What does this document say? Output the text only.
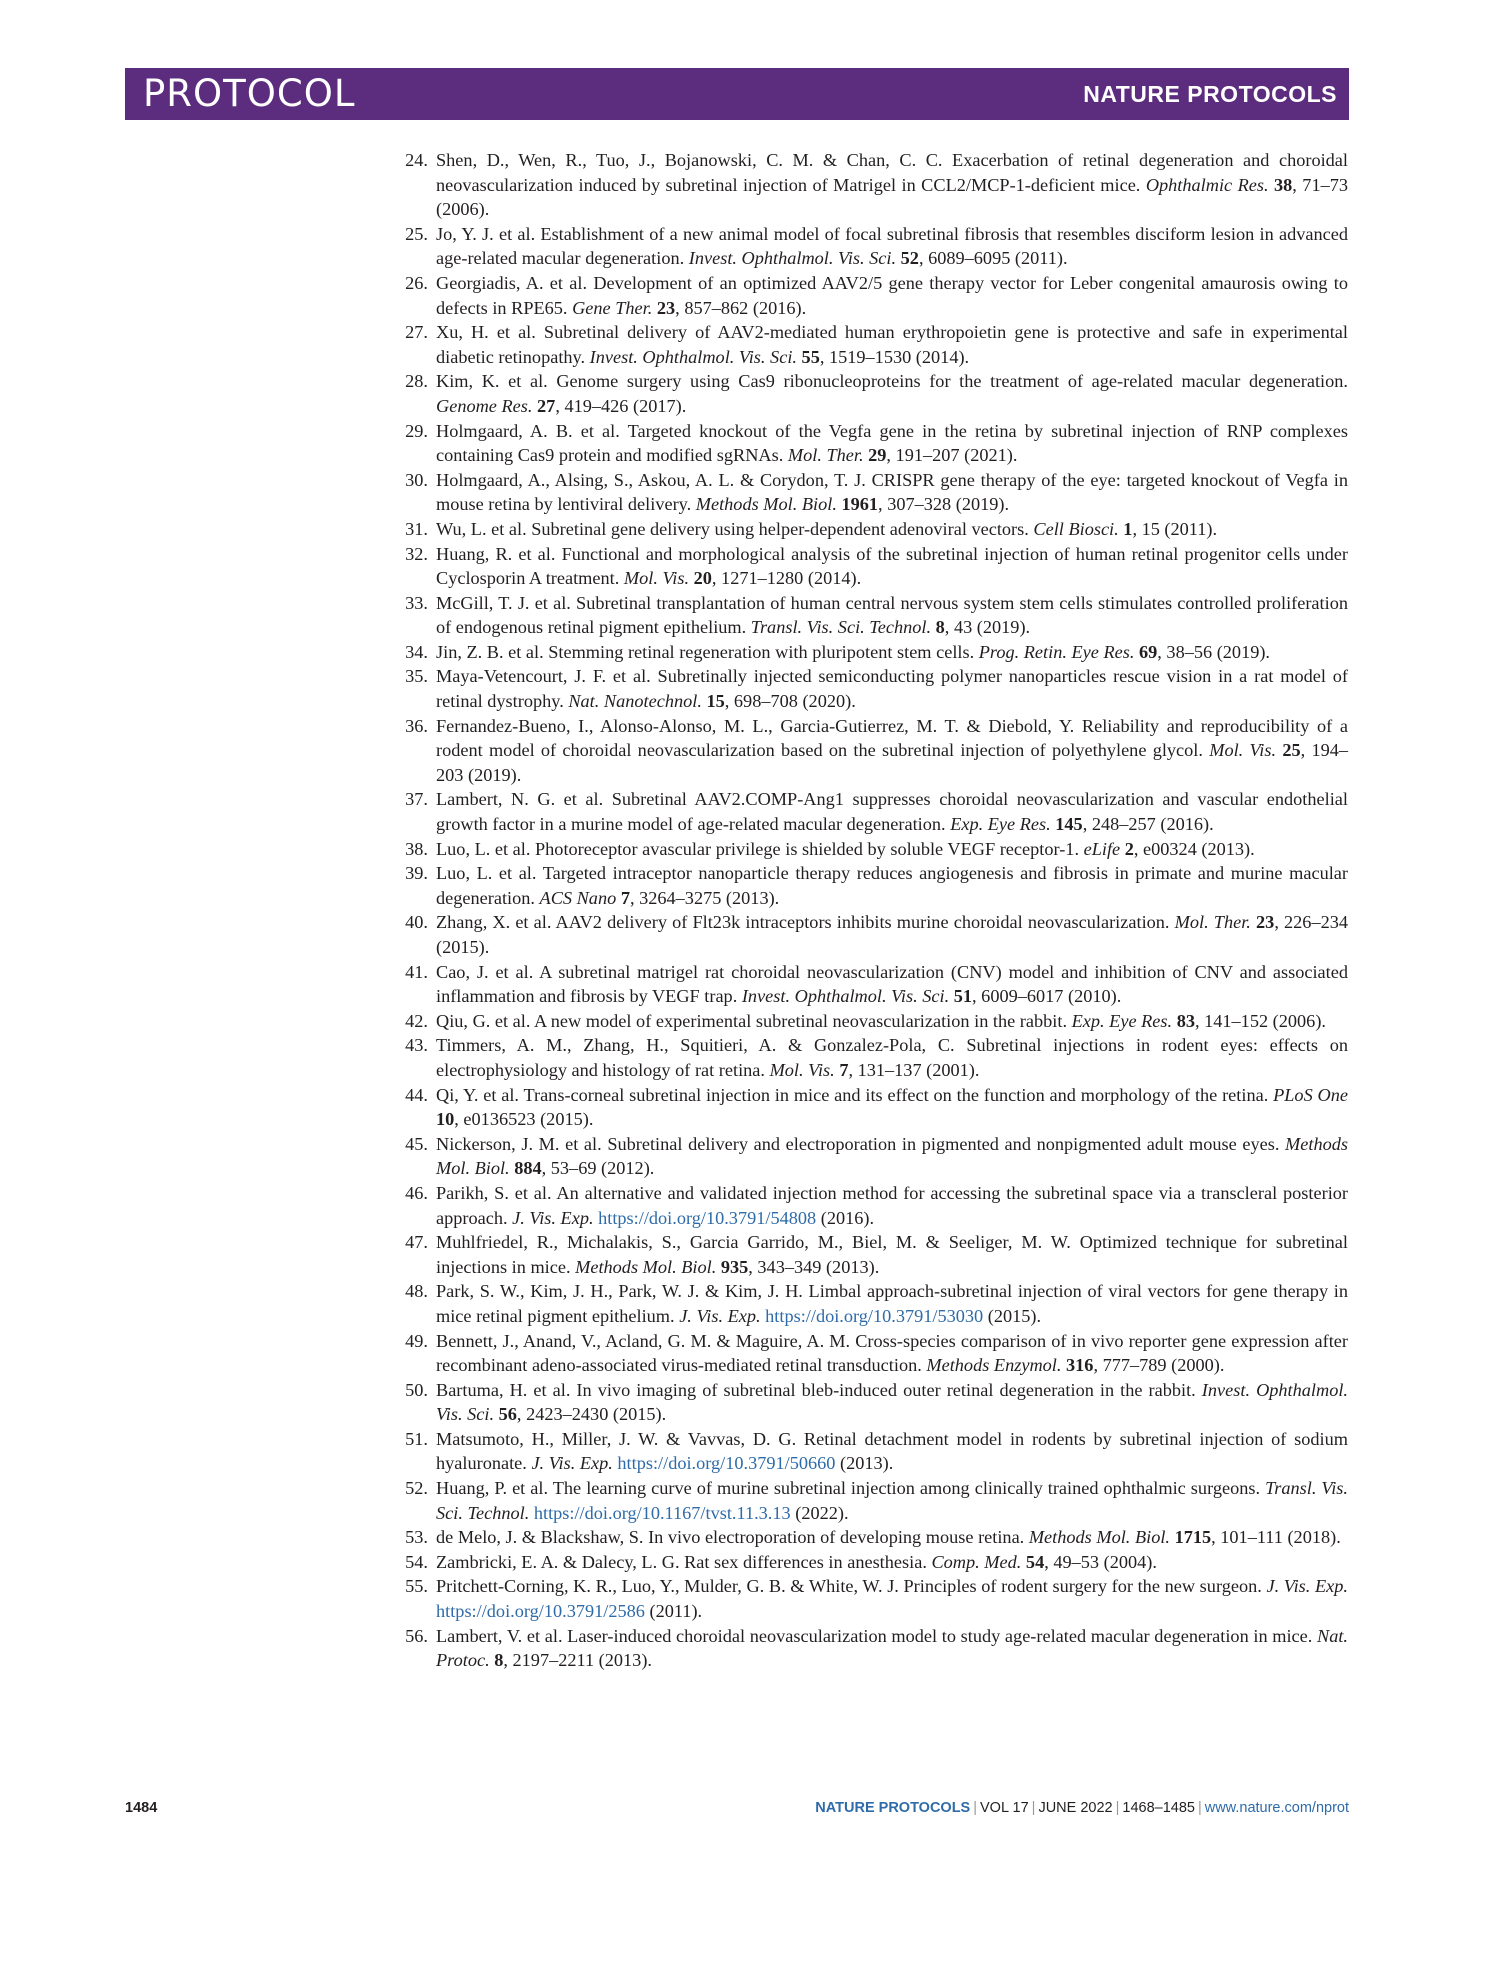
PROTOCOL	NATURE PROTOCOLS
24. Shen, D., Wen, R., Tuo, J., Bojanowski, C. M. & Chan, C. C. Exacerbation of retinal degeneration and choroidal neovascularization induced by subretinal injection of Matrigel in CCL2/MCP-1-deficient mice. Ophthalmic Res. 38, 71–73 (2006).
25. Jo, Y. J. et al. Establishment of a new animal model of focal subretinal fibrosis that resembles disciform lesion in advanced age-related macular degeneration. Invest. Ophthalmol. Vis. Sci. 52, 6089–6095 (2011).
26. Georgiadis, A. et al. Development of an optimized AAV2/5 gene therapy vector for Leber congenital amaurosis owing to defects in RPE65. Gene Ther. 23, 857–862 (2016).
27. Xu, H. et al. Subretinal delivery of AAV2-mediated human erythropoietin gene is protective and safe in experimental diabetic retinopathy. Invest. Ophthalmol. Vis. Sci. 55, 1519–1530 (2014).
28. Kim, K. et al. Genome surgery using Cas9 ribonucleoproteins for the treatment of age-related macular degeneration. Genome Res. 27, 419–426 (2017).
29. Holmgaard, A. B. et al. Targeted knockout of the Vegfa gene in the retina by subretinal injection of RNP complexes containing Cas9 protein and modified sgRNAs. Mol. Ther. 29, 191–207 (2021).
30. Holmgaard, A., Alsing, S., Askou, A. L. & Corydon, T. J. CRISPR gene therapy of the eye: targeted knockout of Vegfa in mouse retina by lentiviral delivery. Methods Mol. Biol. 1961, 307–328 (2019).
31. Wu, L. et al. Subretinal gene delivery using helper-dependent adenoviral vectors. Cell Biosci. 1, 15 (2011).
32. Huang, R. et al. Functional and morphological analysis of the subretinal injection of human retinal progenitor cells under Cyclosporin A treatment. Mol. Vis. 20, 1271–1280 (2014).
33. McGill, T. J. et al. Subretinal transplantation of human central nervous system stem cells stimulates controlled proliferation of endogenous retinal pigment epithelium. Transl. Vis. Sci. Technol. 8, 43 (2019).
34. Jin, Z. B. et al. Stemming retinal regeneration with pluripotent stem cells. Prog. Retin. Eye Res. 69, 38–56 (2019).
35. Maya-Vetencourt, J. F. et al. Subretinally injected semiconducting polymer nanoparticles rescue vision in a rat model of retinal dystrophy. Nat. Nanotechnol. 15, 698–708 (2020).
36. Fernandez-Bueno, I., Alonso-Alonso, M. L., Garcia-Gutierrez, M. T. & Diebold, Y. Reliability and reproducibility of a rodent model of choroidal neovascularization based on the subretinal injection of polyethylene glycol. Mol. Vis. 25, 194–203 (2019).
37. Lambert, N. G. et al. Subretinal AAV2.COMP-Ang1 suppresses choroidal neovascularization and vascular endothelial growth factor in a murine model of age-related macular degeneration. Exp. Eye Res. 145, 248–257 (2016).
38. Luo, L. et al. Photoreceptor avascular privilege is shielded by soluble VEGF receptor-1. eLife 2, e00324 (2013).
39. Luo, L. et al. Targeted intraceptor nanoparticle therapy reduces angiogenesis and fibrosis in primate and murine macular degeneration. ACS Nano 7, 3264–3275 (2013).
40. Zhang, X. et al. AAV2 delivery of Flt23k intraceptors inhibits murine choroidal neovascularization. Mol. Ther. 23, 226–234 (2015).
41. Cao, J. et al. A subretinal matrigel rat choroidal neovascularization (CNV) model and inhibition of CNV and associated inflammation and fibrosis by VEGF trap. Invest. Ophthalmol. Vis. Sci. 51, 6009–6017 (2010).
42. Qiu, G. et al. A new model of experimental subretinal neovascularization in the rabbit. Exp. Eye Res. 83, 141–152 (2006).
43. Timmers, A. M., Zhang, H., Squitieri, A. & Gonzalez-Pola, C. Subretinal injections in rodent eyes: effects on electrophysiology and histology of rat retina. Mol. Vis. 7, 131–137 (2001).
44. Qi, Y. et al. Trans-corneal subretinal injection in mice and its effect on the function and morphology of the retina. PLoS One 10, e0136523 (2015).
45. Nickerson, J. M. et al. Subretinal delivery and electroporation in pigmented and nonpigmented adult mouse eyes. Methods Mol. Biol. 884, 53–69 (2012).
46. Parikh, S. et al. An alternative and validated injection method for accessing the subretinal space via a transcleral posterior approach. J. Vis. Exp. https://doi.org/10.3791/54808 (2016).
47. Muhlfriedel, R., Michalakis, S., Garcia Garrido, M., Biel, M. & Seeliger, M. W. Optimized technique for subretinal injections in mice. Methods Mol. Biol. 935, 343–349 (2013).
48. Park, S. W., Kim, J. H., Park, W. J. & Kim, J. H. Limbal approach-subretinal injection of viral vectors for gene therapy in mice retinal pigment epithelium. J. Vis. Exp. https://doi.org/10.3791/53030 (2015).
49. Bennett, J., Anand, V., Acland, G. M. & Maguire, A. M. Cross-species comparison of in vivo reporter gene expression after recombinant adeno-associated virus-mediated retinal transduction. Methods Enzymol. 316, 777–789 (2000).
50. Bartuma, H. et al. In vivo imaging of subretinal bleb-induced outer retinal degeneration in the rabbit. Invest. Ophthalmol. Vis. Sci. 56, 2423–2430 (2015).
51. Matsumoto, H., Miller, J. W. & Vavvas, D. G. Retinal detachment model in rodents by subretinal injection of sodium hyaluronate. J. Vis. Exp. https://doi.org/10.3791/50660 (2013).
52. Huang, P. et al. The learning curve of murine subretinal injection among clinically trained ophthalmic surgeons. Transl. Vis. Sci. Technol. https://doi.org/10.1167/tvst.11.3.13 (2022).
53. de Melo, J. & Blackshaw, S. In vivo electroporation of developing mouse retina. Methods Mol. Biol. 1715, 101–111 (2018).
54. Zambricki, E. A. & Dalecy, L. G. Rat sex differences in anesthesia. Comp. Med. 54, 49–53 (2004).
55. Pritchett-Corning, K. R., Luo, Y., Mulder, G. B. & White, W. J. Principles of rodent surgery for the new surgeon. J. Vis. Exp. https://doi.org/10.3791/2586 (2011).
56. Lambert, V. et al. Laser-induced choroidal neovascularization model to study age-related macular degeneration in mice. Nat. Protoc. 8, 2197–2211 (2013).
1484	NATURE PROTOCOLS | VOL 17 | JUNE 2022 | 1468–1485 | www.nature.com/nprot
